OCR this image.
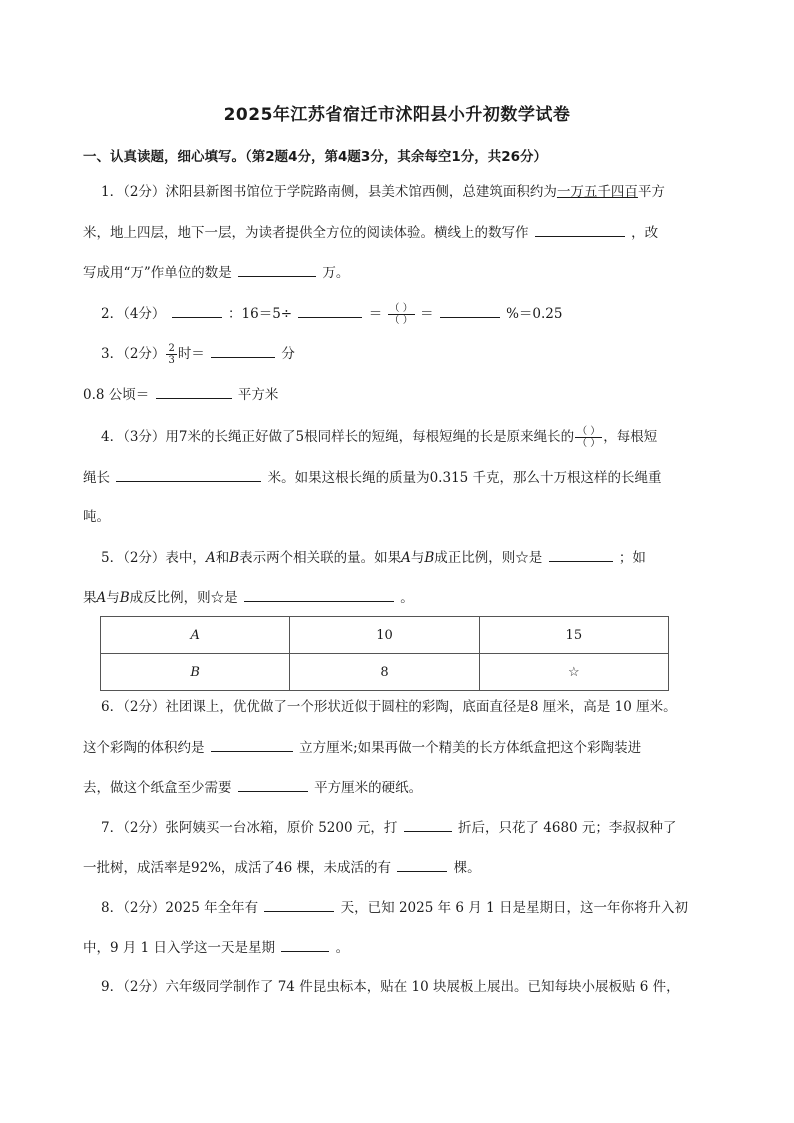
2025年江苏省宿迁市沭阳县小升初数学试卷
一、认真读题，细心填写。（第2题4分，第4题3分，其余每空1分，共26分）
1．（2分）沭阳县新图书馆位于学院路南侧，县美术馆西侧，总建筑面积约为一万五千四百平方
米，地上四层，地下一层，为读者提供全方位的阅读体验。横线上的数写作	，改
写成用“万”作单位的数是	万。
2．（4分）	：16＝5÷	＝ $\frac{( )}{( )}$ ＝	%＝0.25
3．（2分） $\frac{2}{3}$ 时＝	分
0.8 公顷＝	平方米
4．（3分）用7米的长绳正好做了5根同样长的短绳，每根短绳的长是原来绳长的 $\frac{( )}{( )}$ ，每根短
绳长	米。如果这根长绳的质量为0.315 千克，那么十万根这样的长绳重
吨。
5．（2分）表中，A和B表示两个相关联的量。如果A与B成正比例，则☆是	；如
果A与B成反比例，则☆是	。
A	10	15
B	8	☆
6．（2分）社团课上，优优做了一个形状近似于圆柱的彩陶，底面直径是8 厘米，高是 10 厘米。
这个彩陶的体积约是	立方厘米;如果再做一个精美的长方体纸盒把这个彩陶装进
去，做这个纸盒至少需要	平方厘米的硬纸。
7．（2分）张阿姨买一台冰箱，原价 5200 元，打	折后，只花了 4680 元；李叔叔种了
一批树，成活率是92%，成活了46 棵，未成活的有	棵。
8．（2分）2025 年全年有	天，已知 2025 年 6 月 1 日是星期日，这一年你将升入初
中，9 月 1 日入学这一天是星期	。
9．（2分）六年级同学制作了 74 件昆虫标本，贴在 10 块展板上展出。已知每块小展板贴 6 件，
